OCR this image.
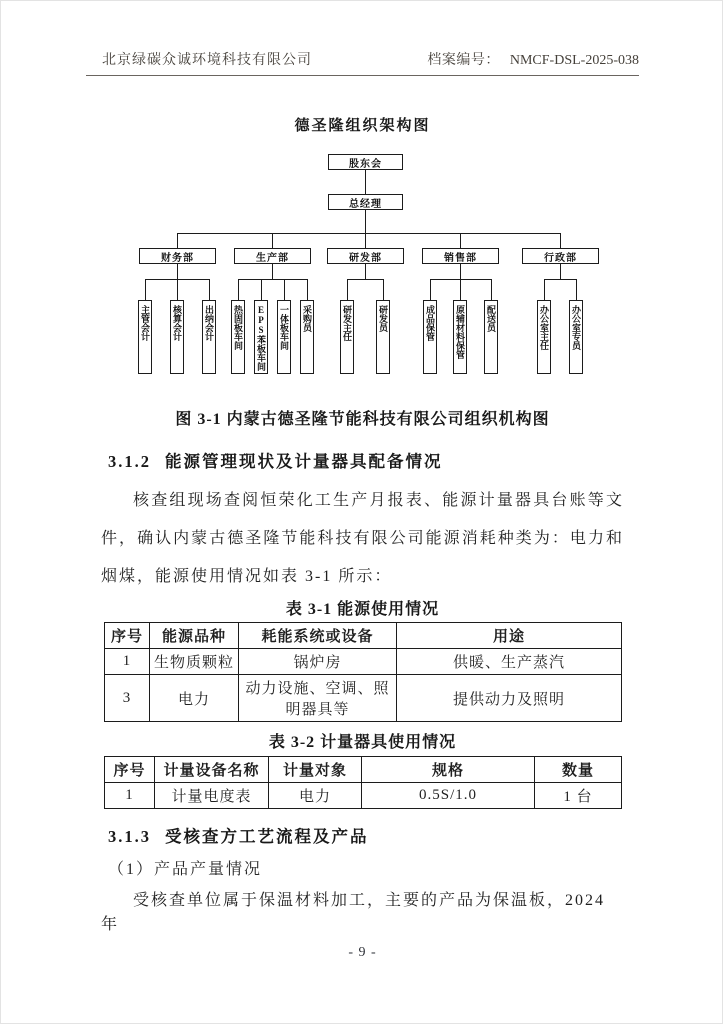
北京绿碳众诚环境科技有限公司	档案编号： NMCF-DSL-2025-038
德圣隆组织架构图
股东会
总经理
财务部	生产部	研发部	销售部	行政部
主管会计 核算会计 出纳会计 热固板车间 EPS苯板车间 一体板车间 采购员	研发主任	研发员	成品保管 原辅材料保管 配送员	办公室主任 办公室专员
图 3-1 内蒙古德圣隆节能科技有限公司组织机构图
3.1.2 能源管理现状及计量器具配备情况
核查组现场查阅恒荣化工生产月报表、能源计量器具台账等文
件，确认内蒙古德圣隆节能科技有限公司能源消耗种类为：电力和
烟煤，能源使用情况如表 3-1 所示：
表 3-1 能源使用情况
序号	能源品种	耗能系统或设备	用途
1	生物质颗粒	锅炉房	供暖、生产蒸汽
3	电力	动力设施、空调、照明器具等	提供动力及照明
表 3-2 计量器具使用情况
序号	计量设备名称	计量对象	规格	数量
1	计量电度表	电力	0.5S/1.0	1 台
3.1.3 受核查方工艺流程及产品
（1）产品产量情况
受核查单位属于保温材料加工，主要的产品为保温板，2024 年
- 9 -
